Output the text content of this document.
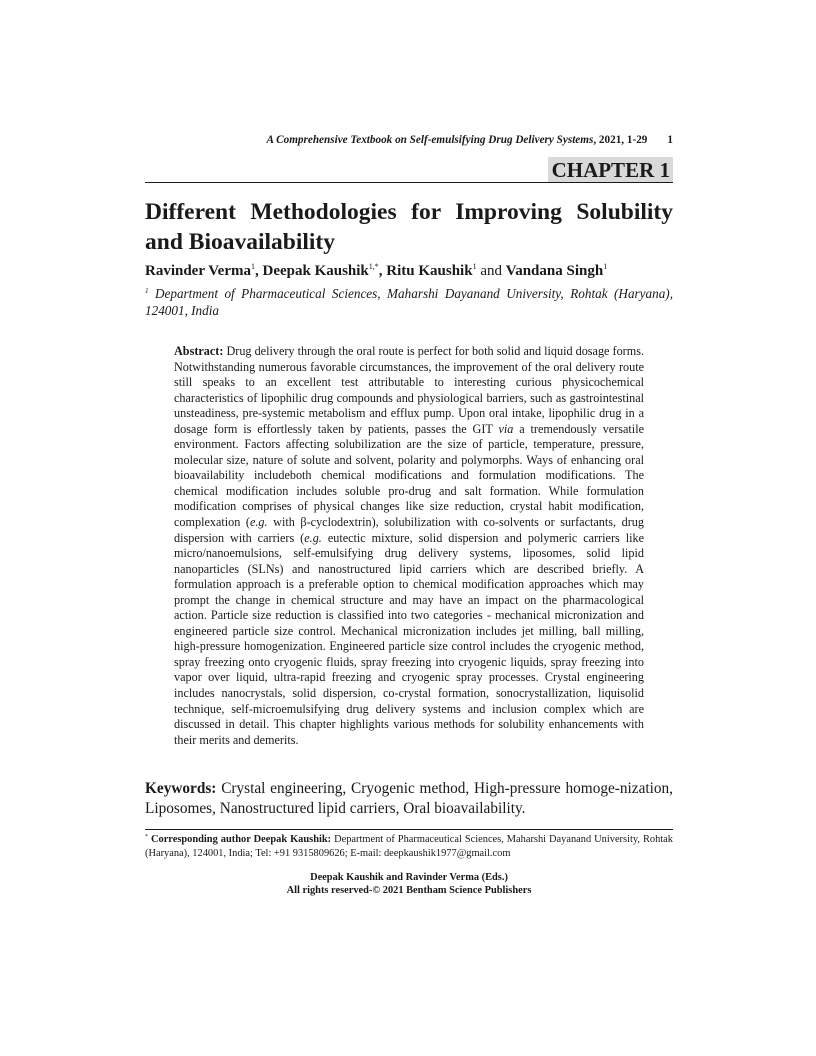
A Comprehensive Textbook on Self-emulsifying Drug Delivery Systems, 2021, 1-29 1
CHAPTER 1
Different Methodologies for Improving Solubility and Bioavailability

Ravinder Verma$^1$, Deepak Kaushik$^{1,*}$, Ritu Kaushik$^1$ and Vandana Singh$^1$

$^1$ Department of Pharmaceutical Sciences, Maharshi Dayanand University, Rohtak (Haryana), 124001, India

Abstract: Drug delivery through the oral route is perfect for both solid and liquid dosage forms. Notwithstanding numerous favorable circumstances, the improvement of the oral delivery route still speaks to an excellent test attributable to interesting curious physicochemical characteristics of lipophilic drug compounds and physiological barriers, such as gastrointestinal unsteadiness, pre-systemic metabolism and efflux pump. Upon oral intake, lipophilic drug in a dosage form is effortlessly taken by patients, passes the GIT via a tremendously versatile environment. Factors affecting solubilization are the size of particle, temperature, pressure, molecular size, nature of solute and solvent, polarity and polymorphs. Ways of enhancing oral bioavailability includeboth chemical modifications and formulation modifications. The chemical modification includes soluble pro-drug and salt formation. While formulation modification comprises of physical changes like size reduction, crystal habit modification, complexation (e.g. with β-cyclodextrin), solubilization with co-solvents or surfactants, drug dispersion with carriers (e.g. eutectic mixture, solid dispersion and polymeric carriers like micro/nanoemulsions, self-emulsifying drug delivery systems, liposomes, solid lipid nanoparticles (SLNs) and nanostructured lipid carriers which are described briefly. A formulation approach is a preferable option to chemical modification approaches which may prompt the change in chemical structure and may have an impact on the pharmacological action. Particle size reduction is classified into two categories - mechanical micronization and engineered particle size control. Mechanical micronization includes jet milling, ball milling, high-pressure homogenization. Engineered particle size control includes the cryogenic method, spray freezing onto cryogenic fluids, spray freezing into cryogenic liquids, spray freezing into vapor over liquid, ultra-rapid freezing and cryogenic spray processes. Crystal engineering includes nanocrystals, solid dispersion, co-crystal formation, sonocrystallization, liquisolid technique, self-microemulsifying drug delivery systems and inclusion complex which are discussed in detail. This chapter highlights various methods for solubility enhancements with their merits and demerits.

Keywords: Crystal engineering, Cryogenic method, High-pressure homoge-nization, Liposomes, Nanostructured lipid carriers, Oral bioavailability.

* Corresponding author Deepak Kaushik: Department of Pharmaceutical Sciences, Maharshi Dayanand University, Rohtak (Haryana), 124001, India; Tel: +91 9315809626; E-mail: deepkaushik1977@gmail.com

Deepak Kaushik and Ravinder Verma (Eds.)
All rights reserved-© 2021 Bentham Science Publishers
